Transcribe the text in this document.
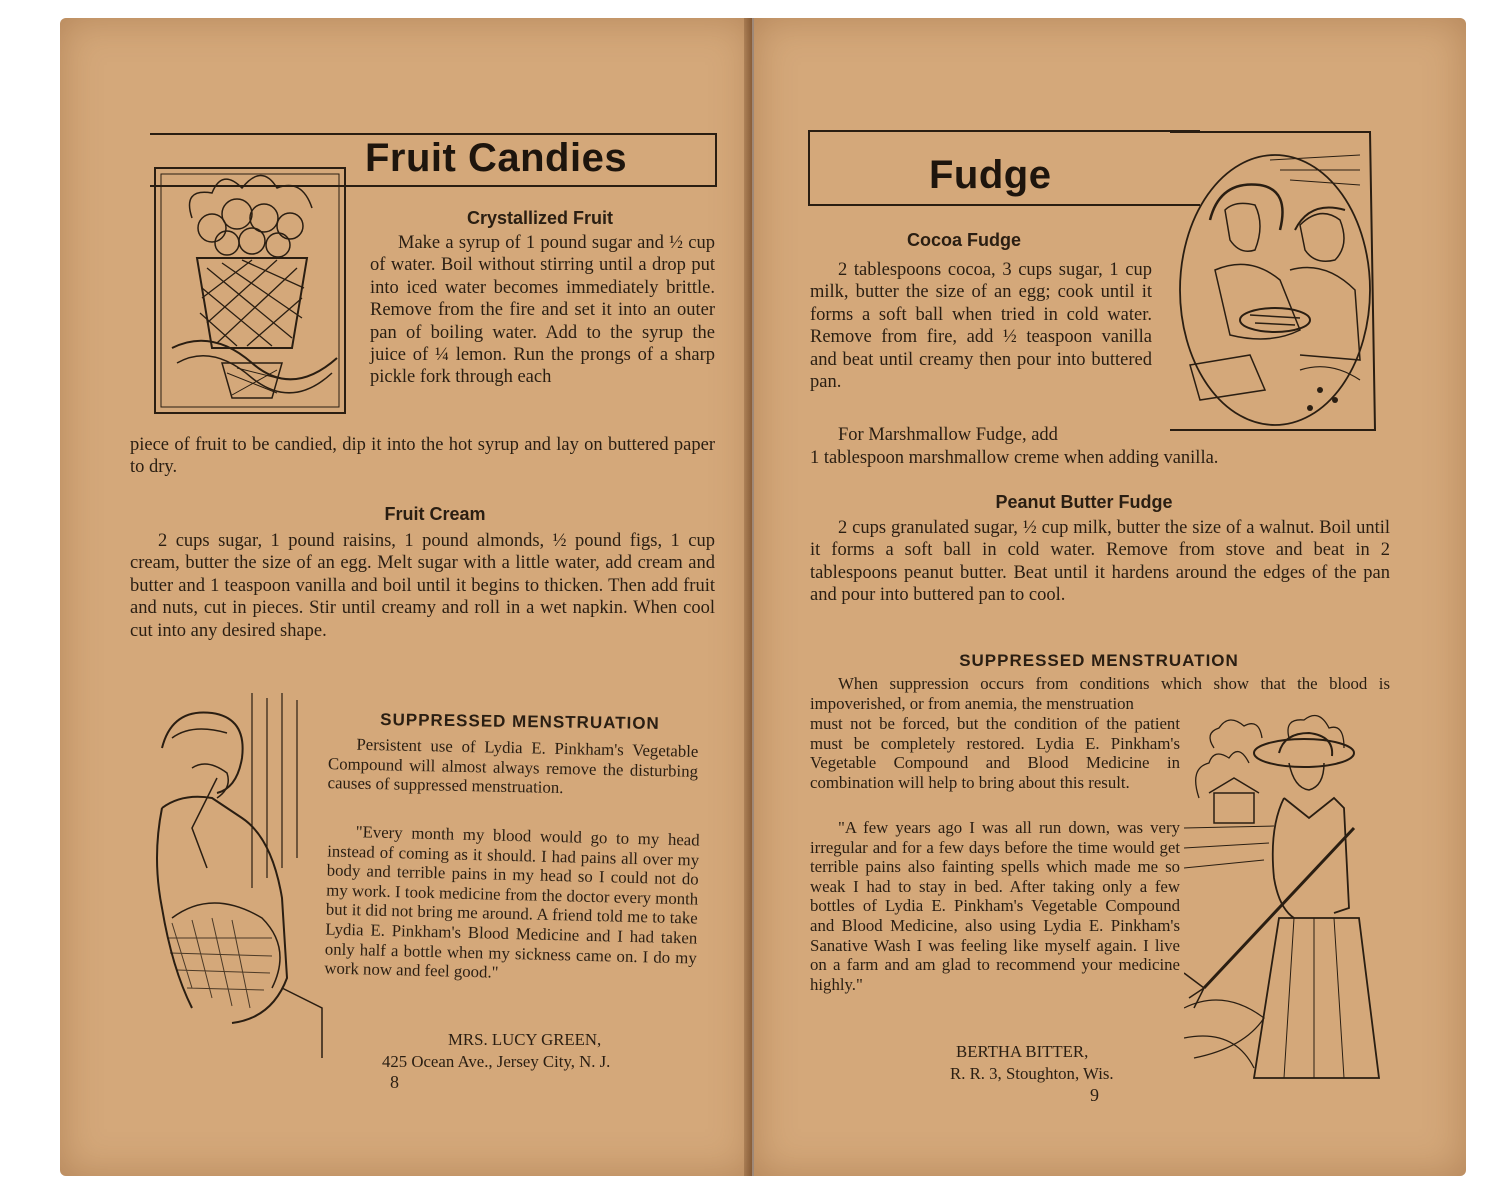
Fruit Candies
Crystallized Fruit
Make a syrup of 1 pound sugar and ½ cup of water. Boil without stirring until a drop put into iced water becomes immediately brittle. Remove from the fire and set it into an outer pan of boiling water. Add to the syrup the juice of ¼ lemon. Run the prongs of a sharp pickle fork through each
piece of fruit to be candied, dip it into the hot syrup and lay on buttered paper to dry.
Fruit Cream
2 cups sugar, 1 pound raisins, 1 pound almonds, ½ pound figs, 1 cup cream, butter the size of an egg. Melt sugar with a little water, add cream and butter and 1 teaspoon vanilla and boil until it begins to thicken. Then add fruit and nuts, cut in pieces. Stir until creamy and roll in a wet napkin. When cool cut into any desired shape.
SUPPRESSED MENSTRUATION
Persistent use of Lydia E. Pinkham's Vegetable Compound will almost always remove the disturbing causes of suppressed menstruation.
"Every month my blood would go to my head instead of coming as it should. I had pains all over my body and terrible pains in my head so I could not do my work. I took medicine from the doctor every month but it did not bring me around. A friend told me to take Lydia E. Pinkham's Blood Medicine and I had taken only half a bottle when my sickness came on. I do my work now and feel good."
MRS. LUCY GREEN,
425 Ocean Ave., Jersey City, N. J.
8
Fudge
Cocoa Fudge
2 tablespoons cocoa, 3 cups sugar, 1 cup milk, butter the size of an egg; cook until it forms a soft ball when tried in cold water. Remove from fire, add ½ teaspoon vanilla and beat until creamy then pour into buttered pan.
For Marshmallow Fudge, add
1 tablespoon marshmallow creme when adding vanilla.
Peanut Butter Fudge
2 cups granulated sugar, ½ cup milk, butter the size of a walnut. Boil until it forms a soft ball in cold water. Remove from stove and beat in 2 tablespoons peanut butter. Beat until it hardens around the edges of the pan and pour into buttered pan to cool.
SUPPRESSED MENSTRUATION
When suppression occurs from conditions which show that the blood is impoverished, or from anemia, the menstruation
must not be forced, but the condition of the patient must be completely restored. Lydia E. Pinkham's Vegetable Compound and Blood Medicine in combination will help to bring about this result.
"A few years ago I was all run down, was very irregular and for a few days before the time would get terrible pains also fainting spells which made me so weak I had to stay in bed. After taking only a few bottles of Lydia E. Pinkham's Vegetable Compound and Blood Medicine, also using Lydia E. Pinkham's Sanative Wash I was feeling like myself again. I live on a farm and am glad to recommend your medicine highly."
BERTHA BITTER,
R. R. 3, Stoughton, Wis.
9
